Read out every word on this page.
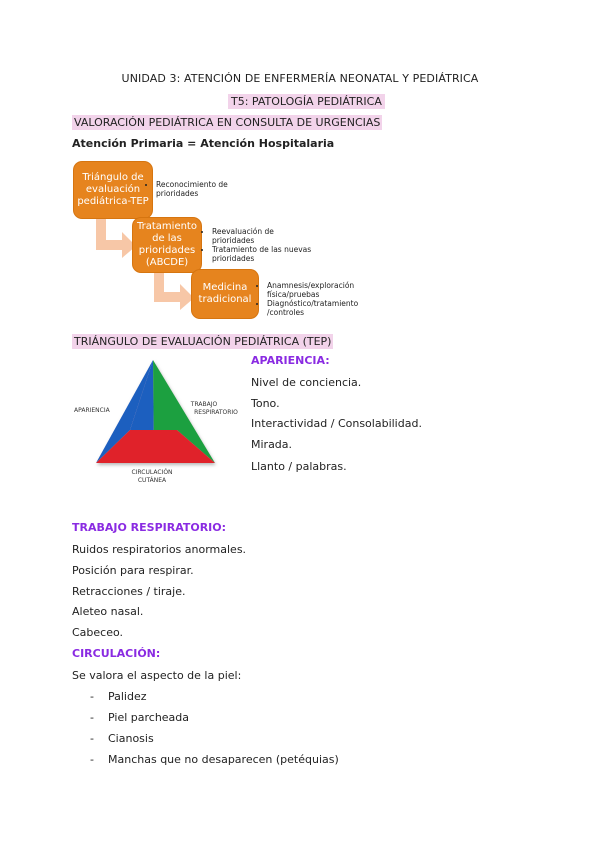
UNIDAD 3: ATENCIÓN DE ENFERMERÍA NEONATAL Y PEDIÁTRICA
T5: PATOLOGÍA PEDIÁTRICA
VALORACIÓN PEDIÁTRICA EN CONSULTA DE URGENCIAS
Atención Primaria = Atención Hospitalaria
Triángulo de evaluación pediátrica-TEP
• Reconocimiento de prioridades
Tratamiento de las prioridades (ABCDE)
• Reevaluación de prioridades
• Tratamiento de las nuevas prioridades
Medicina tradicional
• Anamnesis/exploración física/pruebas
• Diagnóstico/tratamiento /controles
TRIÁNGULO DE EVALUACIÓN PEDIÁTRICA (TEP)
APARIENCIA
TRABAJO
RESPIRATORIO
CIRCULACIÓN
CUTÁNEA
APARIENCIA:
Nivel de conciencia.
Tono.
Interactividad / Consolabilidad.
Mirada.
Llanto / palabras.
TRABAJO RESPIRATORIO:
Ruidos respiratorios anormales.
Posición para respirar.
Retracciones / tiraje.
Aleteo nasal.
Cabeceo.
CIRCULACIÓN:
Se valora el aspecto de la piel:
- Palidez
- Piel parcheada
- Cianosis
- Manchas que no desaparecen (petéquias)
